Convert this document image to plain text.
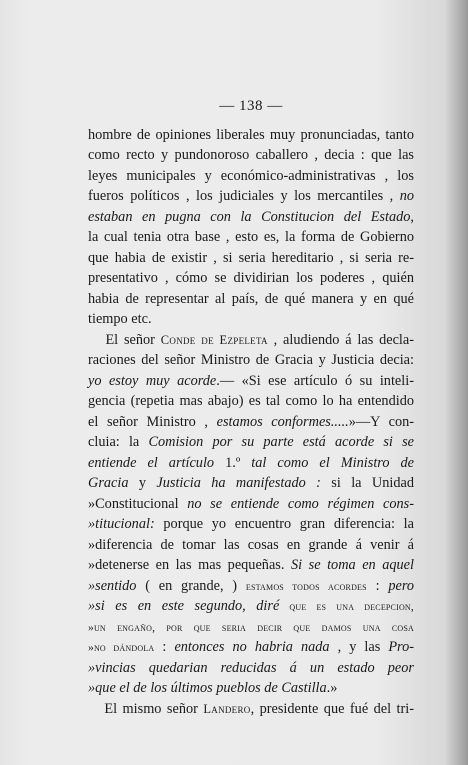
— 138 —
hombre de opiniones liberales muy pronunciadas, tanto
como recto y pundonoroso caballero , decia : que las
leyes municipales y económico-administrativas , los
fueros políticos , los judiciales y los mercantiles , no
estaban en pugna con la Constitucion del Estado,
la cual tenia otra base , esto es, la forma de Gobierno
que habia de existir , si seria hereditario , si seria re-
presentativo , cómo se dividirian los poderes , quién
habia de representar al país, de qué manera y en qué
tiempo etc.
El señor Conde de Ezpeleta , aludiendo á las decla-
raciones del señor Ministro de Gracia y Justicia decia:
yo estoy muy acorde.— «Si ese artículo ó su inteli-
gencia (repetia mas abajo) es tal como lo ha entendido
el señor Ministro , estamos conformes.....»—Y con-
cluia: la Comision por su parte está acorde si se
entiende el artículo 1.º tal como el Ministro de
Gracia y Justicia ha manifestado : si la Unidad
»Constitucional no se entiende como régimen cons-
»titucional: porque yo encuentro gran diferencia: la
»diferencia de tomar las cosas en grande á venir á
»detenerse en las mas pequeñas. Si se toma en aquel
»sentido ( en grande, ) estamos todos acordes : pero
»si es en este segundo, diré que es una decepcion,
»un engaño, por que seria decir que damos una cosa
»no dándola : entonces no habria nada , y las Pro-
»vincias quedarian reducidas á un estado peor
»que el de los últimos pueblos de Castilla.»
El mismo señor Landero, presidente que fué del tri-
